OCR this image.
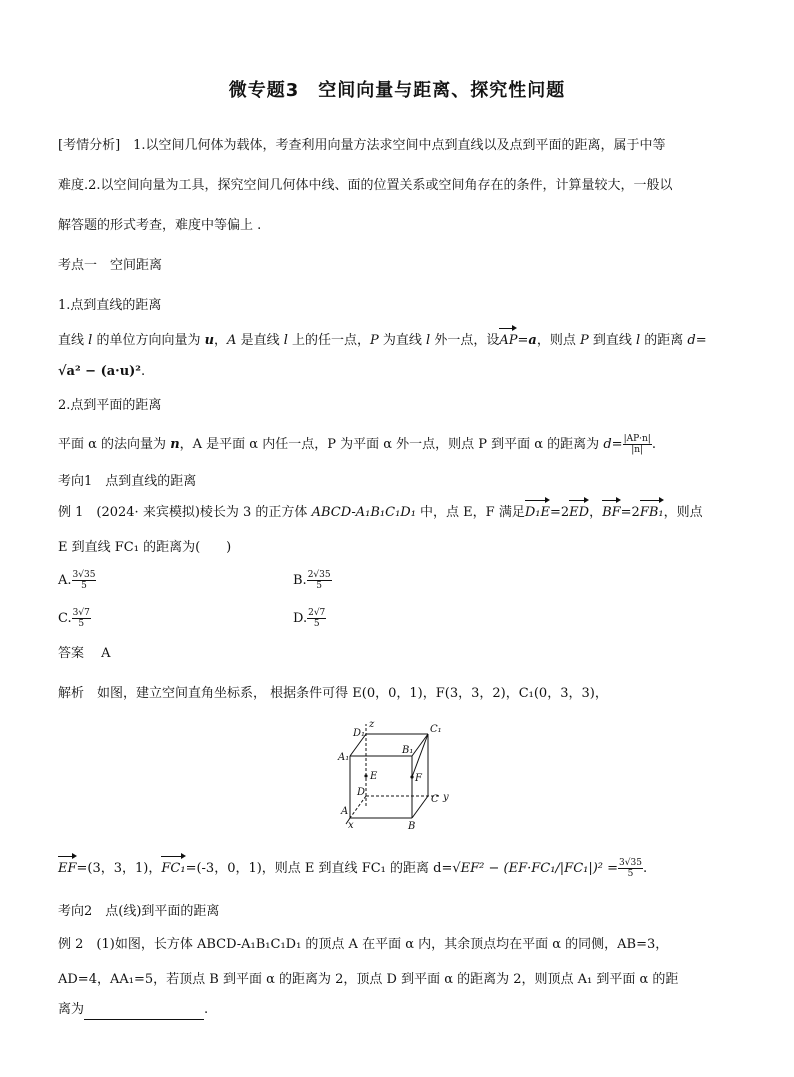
微专题3　空间向量与距离、探究性问题
[考情分析]　1.以空间几何体为载体，考查利用向量方法求空间中点到直线以及点到平面的距离，属于中等
难度.2.以空间向量为工具，探究空间几何体中线、面的位置关系或空间角存在的条件，计算量较大，一般以
解答题的形式考查，难度中等偏上 .
考点一　空间距离
1.点到直线的距离
直线 l 的单位方向向量为 u，A 是直线 l 上的任一点，P 为直线 l 外一点，设AP=a，则点 P 到直线 l 的距离 d=
√a² − (a·u)².
2.点到平面的距离
平面 α 的法向量为 n，A 是平面 α 内任一点，P 为平面 α 外一点，则点 P 到平面 α 的距离为 $d= \frac{|AP\cdot n|}{|n|}$ .
考向1　点到直线的距离
例 1　(2024· 来宾模拟)棱长为 3 的正方体 ABCD-A₁B₁C₁D₁ 中，点 E，F 满足D₁E=2ED，BF=2FB₁，则点
E 到直线 FC₁ 的距离为(　　)
A. $\frac{3√35}{5}$	B. $\frac{2√35}{5}$
C. $\frac{3√7}{5}$	D. $\frac{2√7}{5}$
答案　 A
解析　如图，建立空间直角坐标系， 根据条件可得 E(0，0，1)，F(3，3，2)，C₁(0，3，3)，
z
D₁	C₁
A₁
B₁
E	F
D
C y
A
B
x
EF=(3，3，1)，FC₁=(-3，0，1)，则点 E 到直线 FC₁ 的距离 $d=√EF^2 - (EF\cdot FC_1/|FC_1|)^2 = \frac{3√35}{5}$ .
考向2　点(线)到平面的距离
例 2　(1)如图，长方体 ABCD-A₁B₁C₁D₁ 的顶点 A 在平面 α 内，其余顶点均在平面 α 的同侧，AB=3，
AD=4，AA₁=5，若顶点 B 到平面 α 的距离为 2，顶点 D 到平面 α 的距离为 2，则顶点 A₁ 到平面 α 的距
离为	.
